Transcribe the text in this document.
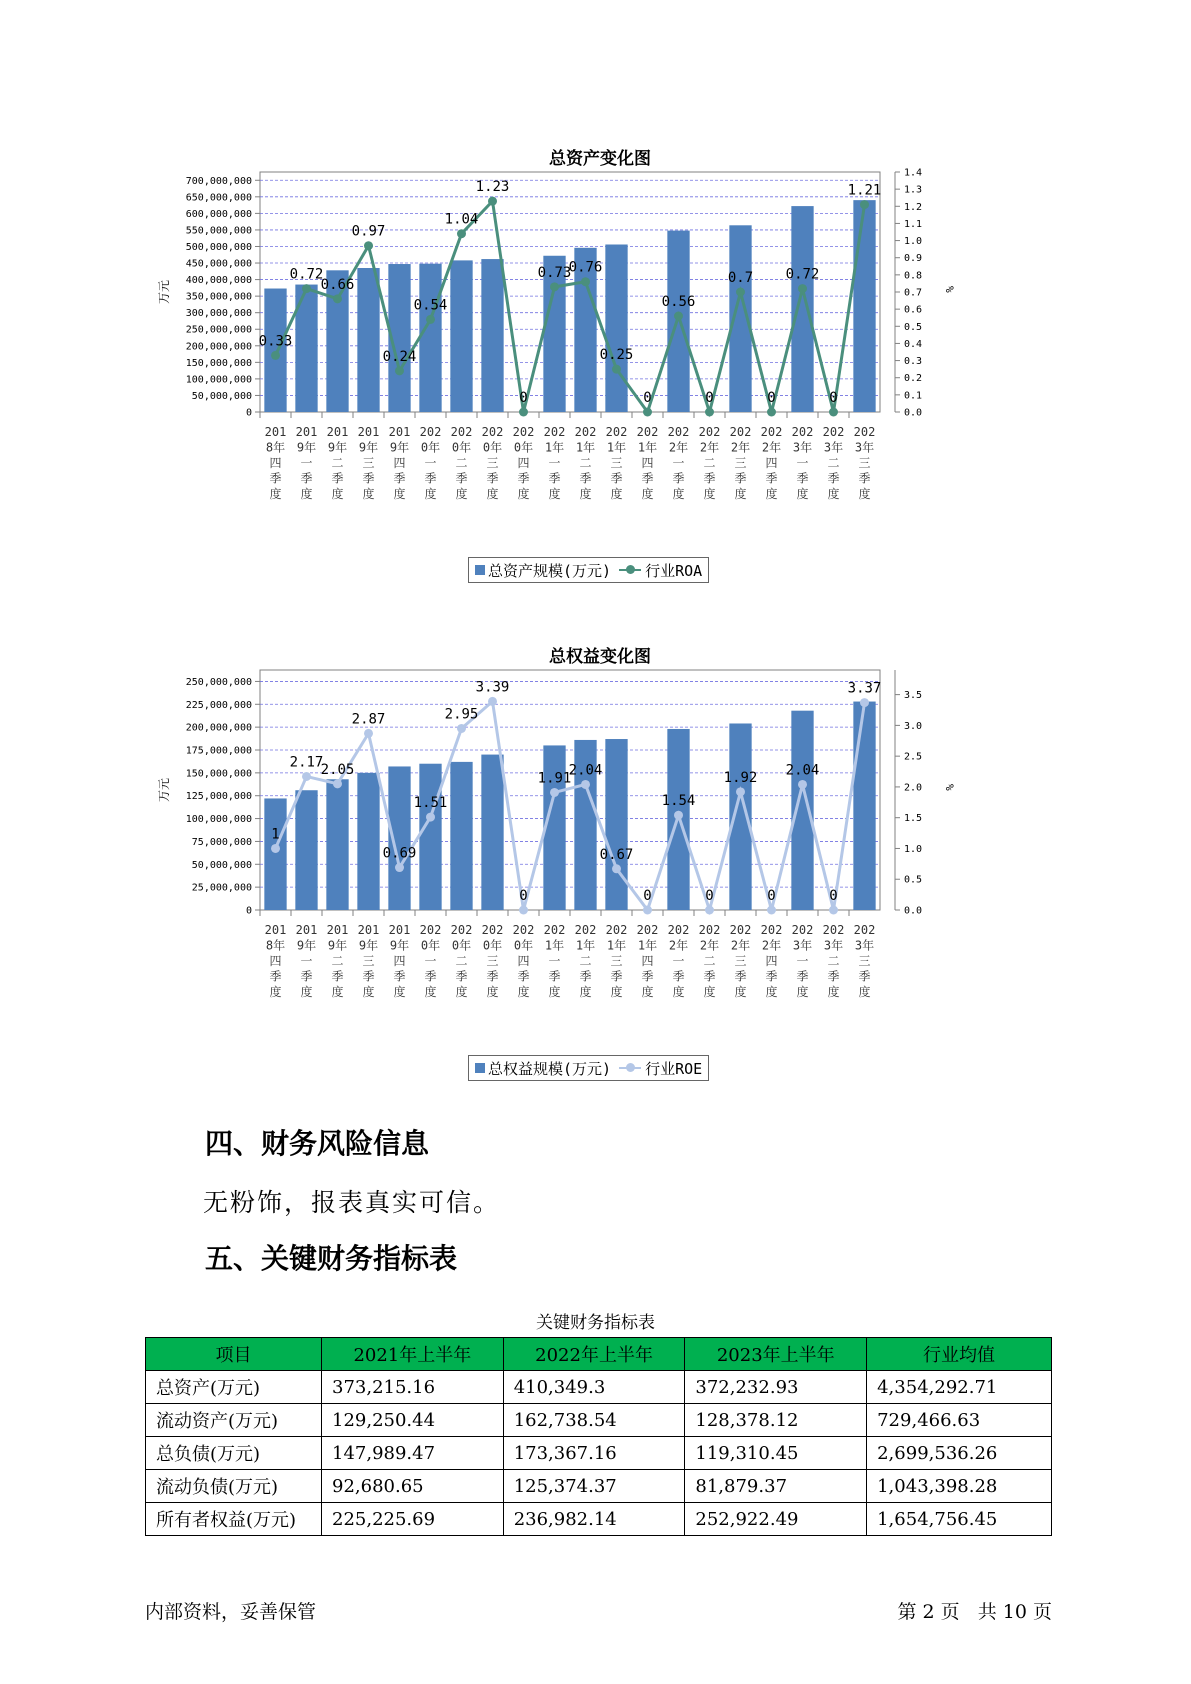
总资产变化图
0
50,000,000
100,000,000
150,000,000
200,000,000
250,000,000
300,000,000
350,000,000
400,000,000
450,000,000
500,000,000
550,000,000
600,000,000
650,000,000
700,000,000
0.0
0.1
0.2
0.3
0.4
0.5
0.6
0.7
0.8
0.9
1.0
1.1
1.2
1.3
1.4
万元	%
0.33
0.72
0.66
0.97
0.24
0.54
1.04
1.23
0
0.73
0.76
0.25
0
0.56
0
0.7
0
0.72
0
1.21
201
8年
四
季
度
201
9年
一
季
度
201
9年
二
季
度
201
9年
三
季
度
201
9年
四
季
度
202
0年
一
季
度
202
0年
二
季
度
202
0年
三
季
度
202
0年
四
季
度
202
1年
一
季
度
202
1年
二
季
度
202
1年
三
季
度
202
1年
四
季
度
202
2年
一
季
度
202
2年
二
季
度
202
2年
三
季
度
202
2年
四
季
度
202
3年
一
季
度
202
3年
二
季
度
202
3年
三
季
度
总资产规模(万元) 行业ROA
总权益变化图
0
25,000,000
50,000,000
75,000,000
100,000,000
125,000,000
150,000,000
175,000,000
200,000,000
225,000,000
250,000,000
0.0
0.5
1.0
1.5
2.0
2.5
3.0
3.5
万元	%
1
2.17
2.05
2.87
0.69
1.51
2.95
3.39
0
1.91
2.04
0.67
0
1.54
0
1.92
0
2.04
0
3.37
201
8年
四
季
度
201
9年
一
季
度
201
9年
二
季
度
201
9年
三
季
度
201
9年
四
季
度
202
0年
一
季
度
202
0年
二
季
度
202
0年
三
季
度
202
0年
四
季
度
202
1年
一
季
度
202
1年
二
季
度
202
1年
三
季
度
202
1年
四
季
度
202
2年
一
季
度
202
2年
二
季
度
202
2年
三
季
度
202
2年
四
季
度
202
3年
一
季
度
202
3年
二
季
度
202
3年
三
季
度
总权益规模(万元) 行业ROE
四、财务风险信息
无粉饰，报表真实可信。
五、关键财务指标表
关键财务指标表
项目	2021年上半年	2022年上半年	2023年上半年	行业均值
总资产(万元)	373,215.16	410,349.3	372,232.93	4,354,292.71
流动资产(万元)	129,250.44	162,738.54	128,378.12	729,466.63
总负债(万元)	147,989.47	173,367.16	119,310.45	2,699,536.26
流动负债(万元)	92,680.65	125,374.37	81,879.37	1,043,398.28
所有者权益(万元)	225,225.69	236,982.14	252,922.49	1,654,756.45
内部资料，妥善保管	第 2 页   共 10 页
